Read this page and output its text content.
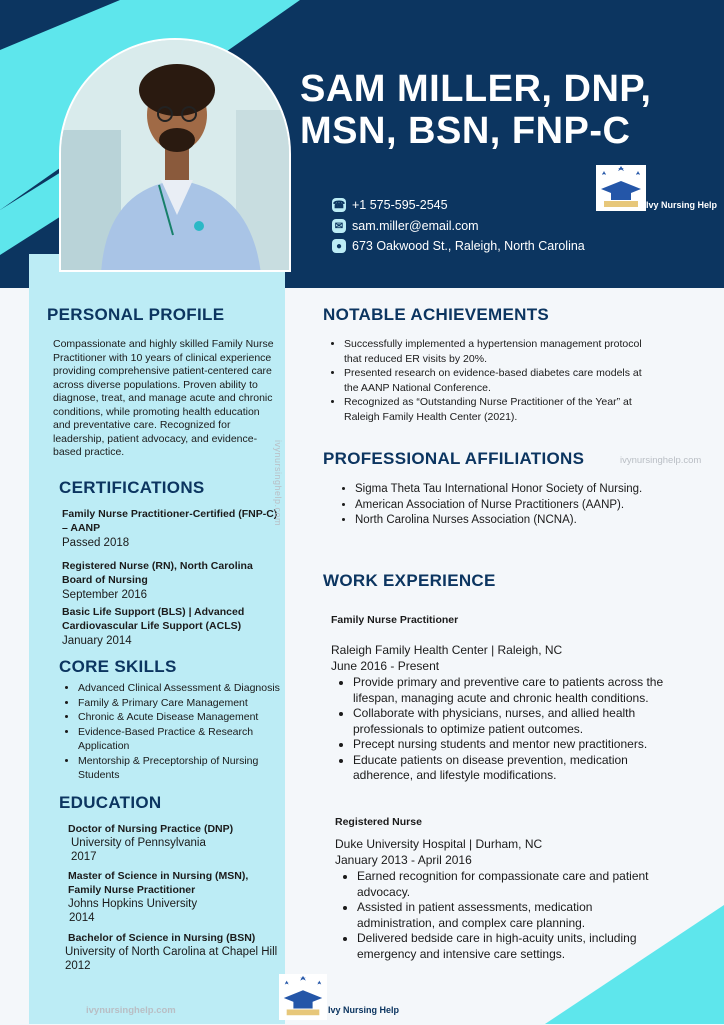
SAM MILLER, DNP, MSN, BSN, FNP-C
☎ +1 575-595-2545
✉ sam.miller@email.com
● 673 Oakwood St., Raleigh, North Carolina
Ivy Nursing Help
PERSONAL PROFILE
Compassionate and highly skilled Family Nurse Practitioner with 10 years of clinical experience providing comprehensive patient-centered care across diverse populations. Proven ability to diagnose, treat, and manage acute and chronic conditions, while promoting health education and preventative care. Recognized for leadership, patient advocacy, and evidence-based practice.
CERTIFICATIONS
Family Nurse Practitioner-Certified (FNP-C) – AANP
Passed 2018
Registered Nurse (RN), North Carolina Board of Nursing
September 2016
Basic Life Support (BLS) | Advanced Cardiovascular Life Support (ACLS)
January 2014
CORE SKILLS
• Advanced Clinical Assessment & Diagnosis
• Family & Primary Care Management
• Chronic & Acute Disease Management
• Evidence-Based Practice & Research Application
• Mentorship & Preceptorship of Nursing Students
EDUCATION
Doctor of Nursing Practice (DNP)
University of Pennsylvania
2017
Master of Science in Nursing (MSN), Family Nurse Practitioner
Johns Hopkins University
2014
Bachelor of Science in Nursing (BSN)
University of North Carolina at Chapel Hill
2012
ivynursinghelp.com
ivynursinghelp.com
NOTABLE ACHIEVEMENTS
• Successfully implemented a hypertension management protocol that reduced ER visits by 20%.
• Presented research on evidence-based diabetes care models at the AANP National Conference.
• Recognized as “Outstanding Nurse Practitioner of the Year” at Raleigh Family Health Center (2021).
PROFESSIONAL AFFILIATIONS	ivynursinghelp.com
• Sigma Theta Tau International Honor Society of Nursing.
• American Association of Nurse Practitioners (AANP).
• North Carolina Nurses Association (NCNA).
WORK EXPERIENCE
Family Nurse Practitioner
Raleigh Family Health Center | Raleigh, NC
June 2016 - Present
• Provide primary and preventive care to patients across the lifespan, managing acute and chronic health conditions.
• Collaborate with physicians, nurses, and allied health professionals to optimize patient outcomes.
• Precept nursing students and mentor new practitioners.
• Educate patients on disease prevention, medication adherence, and lifestyle modifications.
Registered Nurse
Duke University Hospital | Durham, NC
January 2013 - April 2016
• Earned recognition for compassionate care and patient advocacy.
• Assisted in patient assessments, medication administration, and complex care planning.
• Delivered bedside care in high-acuity units, including emergency and intensive care settings.
Ivy Nursing Help
